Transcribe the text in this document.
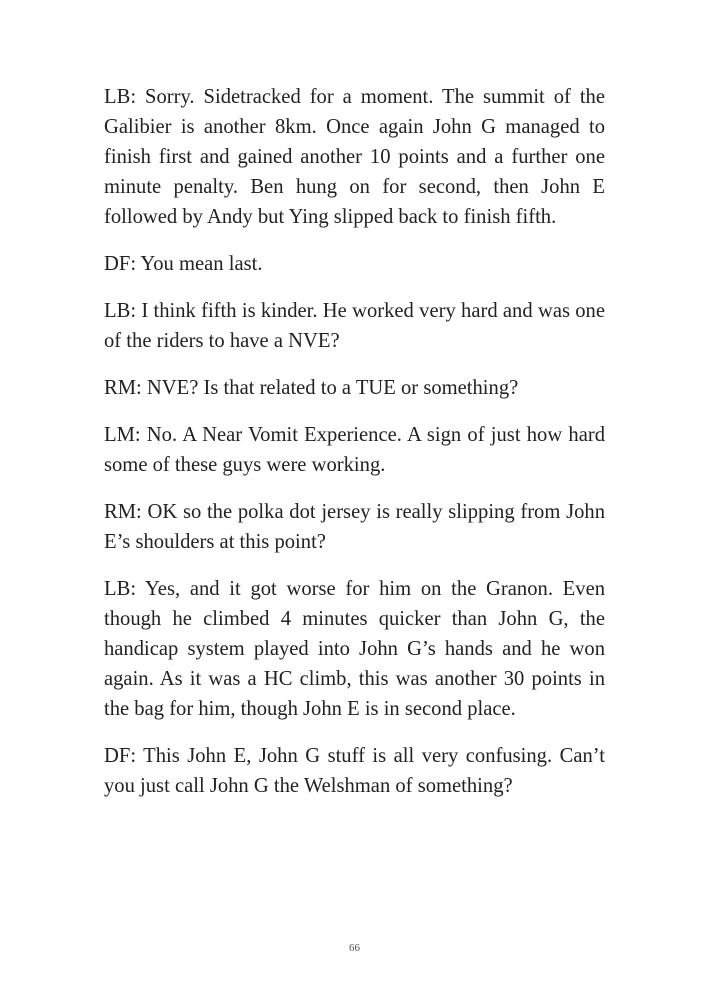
LB: Sorry. Sidetracked for a moment. The summit of the Galibier is another 8km. Once again John G managed to finish first and gained another 10 points and a further one minute penalty. Ben hung on for second, then John E followed by Andy but Ying slipped back to finish fifth.

DF: You mean last.

LB: I think fifth is kinder. He worked very hard and was one of the riders to have a NVE?

RM: NVE? Is that related to a TUE or something?

LM: No. A Near Vomit Experience. A sign of just how hard some of these guys were working.

RM: OK so the polka dot jersey is really slipping from John E’s shoulders at this point?

LB: Yes, and it got worse for him on the Granon. Even though he climbed 4 minutes quicker than John G, the handicap system played into John G’s hands and he won again. As it was a HC climb, this was another 30 points in the bag for him, though John E is in second place.

DF: This John E, John G stuff is all very confusing. Can’t you just call John G the Welshman of something?

66
